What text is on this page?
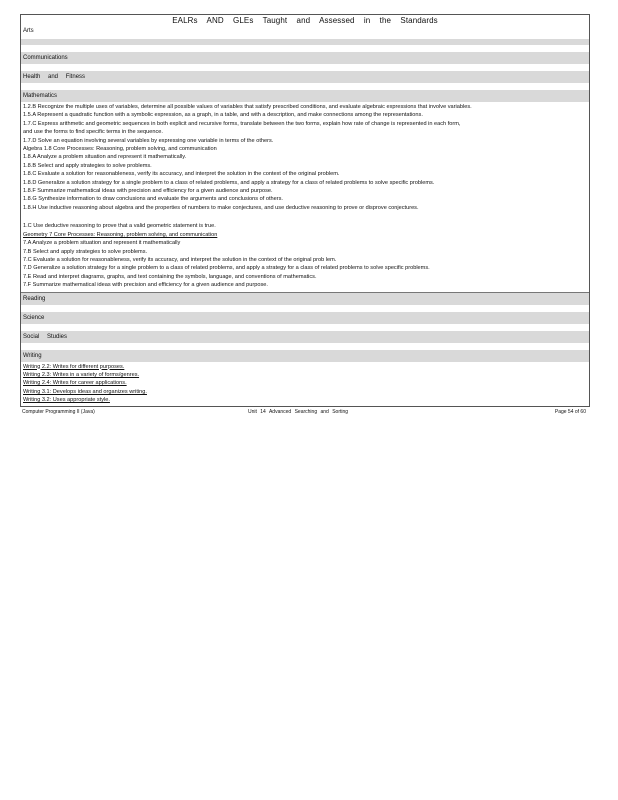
EALRs AND GLEs Taught and Assessed in the Standards
Arts
Communications
Health and Fitness
Mathematics
1.2.B Recognize the multiple uses of variables, determine all possible values of variables that satisfy prescribed conditions, and evaluate algebraic expressions that involve variables.
1.5.A Represent a quadratic function with a symbolic expression, as a graph, in a table, and with a description, and make connections among the representations.
1.7.C Express arithmetic and geometric sequences in both explicit and recursive forms, translate between the two forms, explain how rate of change is represented in each form,
and use the forms to find specific terms in the sequence.
1.7.D Solve an equation involving several variables by expressing one variable in terms of the others.
Algebra 1.8 Core Processes: Reasoning, problem solving, and communication
1.8.A Analyze a problem situation and represent it mathematically.
1.8.B Select and apply strategies to solve problems.
1.8.C Evaluate a solution for reasonableness, verify its accuracy, and interpret the solution in the context of the original problem.
1.8.D Generalize a solution strategy for a single problem to a class of related problems, and apply a strategy for a class of related problems to solve specific problems.
1.8.F Summarize mathematical ideas with precision and efficiency for a given audience and purpose.
1.8.G Synthesize information to draw conclusions and evaluate the arguments and conclusions of others.
1.8.H Use inductive reasoning about algebra and the properties of numbers to make conjectures, and use deductive reasoning to prove or disprove conjectures.
1.C Use deductive reasoning to prove that a valid geometric statement is true.
Geometry 7 Core Processes: Reasoning, problem solving, and communication
7.A Analyze a problem situation and represent it mathematically
7.B Select and apply strategies to solve problems.
7.C Evaluate a solution for reasonableness, verify its accuracy, and interpret the solution in the context of the original prob lem.
7.D Generalize a solution strategy for a single problem to a class of related problems, and apply a strategy for a class of related problems to solve specific problems.
7.E Read and interpret diagrams, graphs, and text containing the symbols, language, and conventions of mathematics.
7.F Summarize mathematical ideas with precision and efficiency for a given audience and purpose.
Reading
Science
Social Studies
Writing
Writing 2.2: Writes for different purposes.
Writing 2.3: Writes in a variety of forms/genres.
Writing 2.4: Writes for career applications.
Writing 3.1: Develops ideas and organizes writing.
Writing 3.2: Uses appropriate style.
Computer Programming II (Java)	Unit 14 Advanced Searching and Sorting	Page 54 of 60
